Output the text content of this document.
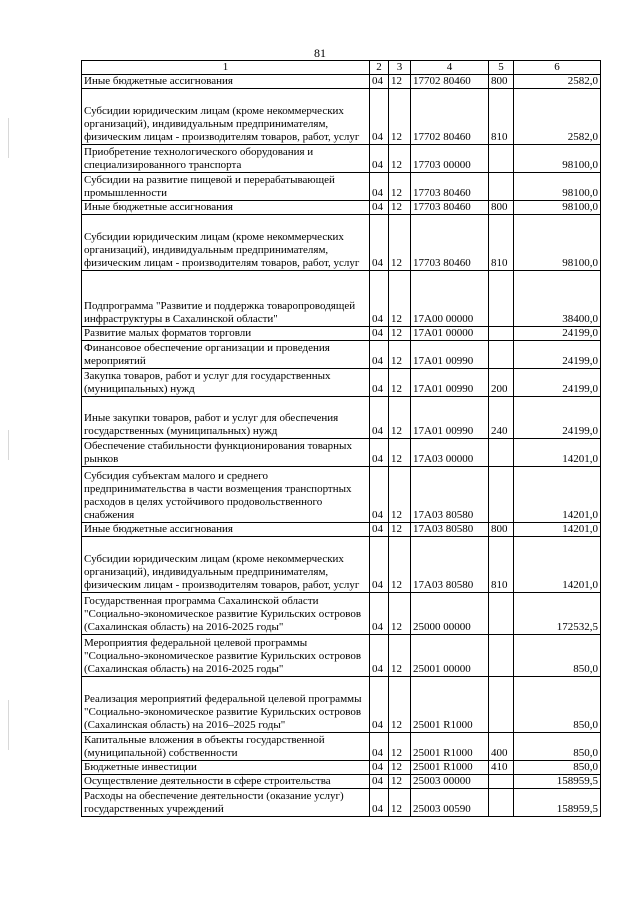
81
1	2	3	4	5	6
Иные бюджетные ассигнования	04	12	17702 80460	800	2582,0
Субсидии юридическим лицам (кроме некоммерческих организаций), индивидуальным предпринимателям, физическим лицам - производителям товаров, работ, услуг	04	12	17702 80460	810	2582,0
Приобретение технологического оборудования и специализированного транспорта	04	12	17703 00000		98100,0
Субсидии на развитие пищевой и перерабатывающей промышленности	04	12	17703 80460		98100,0
Иные бюджетные ассигнования	04	12	17703 80460	800	98100,0
Субсидии юридическим лицам (кроме некоммерческих организаций), индивидуальным предпринимателям, физическим лицам - производителям товаров, работ, услуг	04	12	17703 80460	810	98100,0
Подпрограмма "Развитие и поддержка товаропроводящей инфраструктуры в Сахалинской области"	04	12	17А00 00000		38400,0
Развитие малых форматов торговли	04	12	17А01 00000		24199,0
Финансовое обеспечение организации и проведения мероприятий	04	12	17А01 00990		24199,0
Закупка товаров, работ и услуг для государственных (муниципальных) нужд	04	12	17А01 00990	200	24199,0
Иные закупки товаров, работ и услуг для обеспечения государственных (муниципальных) нужд	04	12	17А01 00990	240	24199,0
Обеспечение стабильности функционирования товарных рынков	04	12	17А03 00000		14201,0
Субсидия субъектам малого и среднего предпринимательства в части возмещения транспортных расходов в целях устойчивого продовольственного снабжения	04	12	17А03 80580		14201,0
Иные бюджетные ассигнования	04	12	17А03 80580	800	14201,0
Субсидии юридическим лицам (кроме некоммерческих организаций), индивидуальным предпринимателям, физическим лицам - производителям товаров, работ, услуг	04	12	17А03 80580	810	14201,0
Государственная программа Сахалинской области "Социально-экономическое развитие Курильских островов (Сахалинская область) на 2016-2025 годы"	04	12	25000 00000		172532,5
Мероприятия федеральной целевой программы "Социально-экономическое развитие Курильских островов (Сахалинская область) на 2016-2025 годы"	04	12	25001 00000		850,0
Реализация мероприятий федеральной целевой программы "Социально-экономическое развитие Курильских островов (Сахалинская область) на 2016–2025 годы"	04	12	25001 R1000		850,0
Капитальные вложения в объекты государственной (муниципальной) собственности	04	12	25001 R1000	400	850,0
Бюджетные инвестиции	04	12	25001 R1000	410	850,0
Осуществление деятельности в сфере строительства	04	12	25003 00000		158959,5
Расходы на обеспечение деятельности (оказание услуг) государственных учреждений	04	12	25003 00590		158959,5
